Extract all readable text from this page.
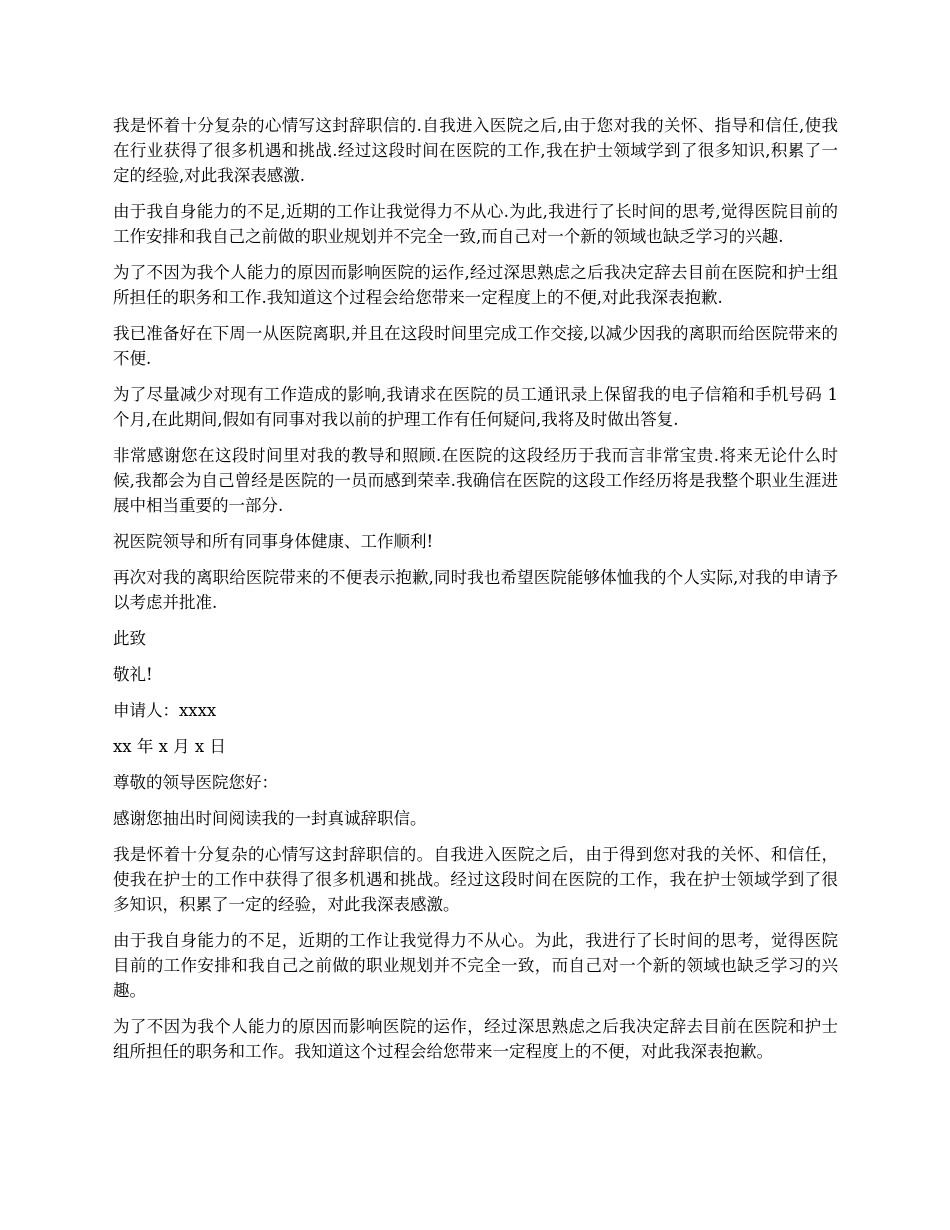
我是怀着十分复杂的心情写这封辞职信的.自我进入医院之后,由于您对我的关怀、指导和信任,使我在行业获得了很多机遇和挑战.经过这段时间在医院的工作,我在护士领域学到了很多知识,积累了一定的经验,对此我深表感激.

由于我自身能力的不足,近期的工作让我觉得力不从心.为此,我进行了长时间的思考,觉得医院目前的工作安排和我自己之前做的职业规划并不完全一致,而自己对一个新的领域也缺乏学习的兴趣.

为了不因为我个人能力的原因而影响医院的运作,经过深思熟虑之后我决定辞去目前在医院和护士组所担任的职务和工作.我知道这个过程会给您带来一定程度上的不便,对此我深表抱歉.

我已准备好在下周一从医院离职,并且在这段时间里完成工作交接,以减少因我的离职而给医院带来的不便.

为了尽量减少对现有工作造成的影响,我请求在医院的员工通讯录上保留我的电子信箱和手机号码 1 个月,在此期间,假如有同事对我以前的护理工作有任何疑问,我将及时做出答复.

非常感谢您在这段时间里对我的教导和照顾.在医院的这段经历于我而言非常宝贵.将来无论什么时候,我都会为自己曾经是医院的一员而感到荣幸.我确信在医院的这段工作经历将是我整个职业生涯进展中相当重要的一部分.

祝医院领导和所有同事身体健康、工作顺利!

再次对我的离职给医院带来的不便表示抱歉,同时我也希望医院能够体恤我的个人实际,对我的申请予以考虑并批准.

此致

敬礼!

申请人：xxxx

xx 年 x 月 x 日

尊敬的领导医院您好：

感谢您抽出时间阅读我的一封真诚辞职信。

我是怀着十分复杂的心情写这封辞职信的。自我进入医院之后，由于得到您对我的关怀、和信任，使我在护士的工作中获得了很多机遇和挑战。经过这段时间在医院的工作，我在护士领域学到了很多知识，积累了一定的经验，对此我深表感激。

由于我自身能力的不足，近期的工作让我觉得力不从心。为此，我进行了长时间的思考，觉得医院目前的工作安排和我自己之前做的职业规划并不完全一致，而自己对一个新的领域也缺乏学习的兴趣。

为了不因为我个人能力的原因而影响医院的运作，经过深思熟虑之后我决定辞去目前在医院和护士组所担任的职务和工作。我知道这个过程会给您带来一定程度上的不便，对此我深表抱歉。
